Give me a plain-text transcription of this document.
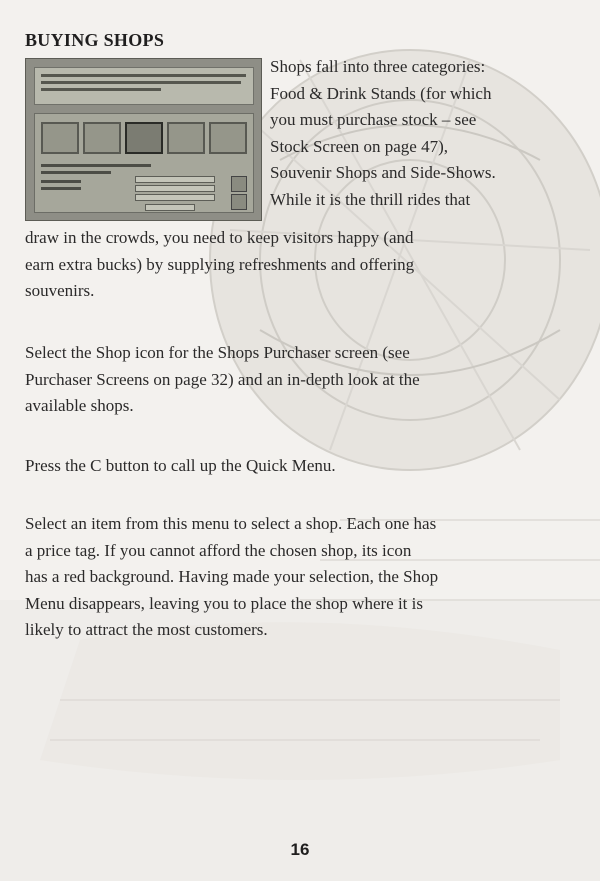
BUYING SHOPS

Shops fall into three categories:
Food & Drink Stands (for which
you must purchase stock – see
Stock Screen on page 47),
Souvenir Shops and Side-Shows.
While it is the thrill rides that

draw in the crowds, you need to keep visitors happy (and
earn extra bucks) by supplying refreshments and offering
souvenirs.

Select the Shop icon for the Shops Purchaser screen (see
Purchaser Screens on page 32) and an in-depth look at the
available shops.

Press the C button to call up the Quick Menu.

Select an item from this menu to select a shop. Each one has
a price tag. If you cannot afford the chosen shop, its icon
has a red background. Having made your selection, the Shop
Menu disappears, leaving you to place the shop where it is
likely to attract the most customers.

16
